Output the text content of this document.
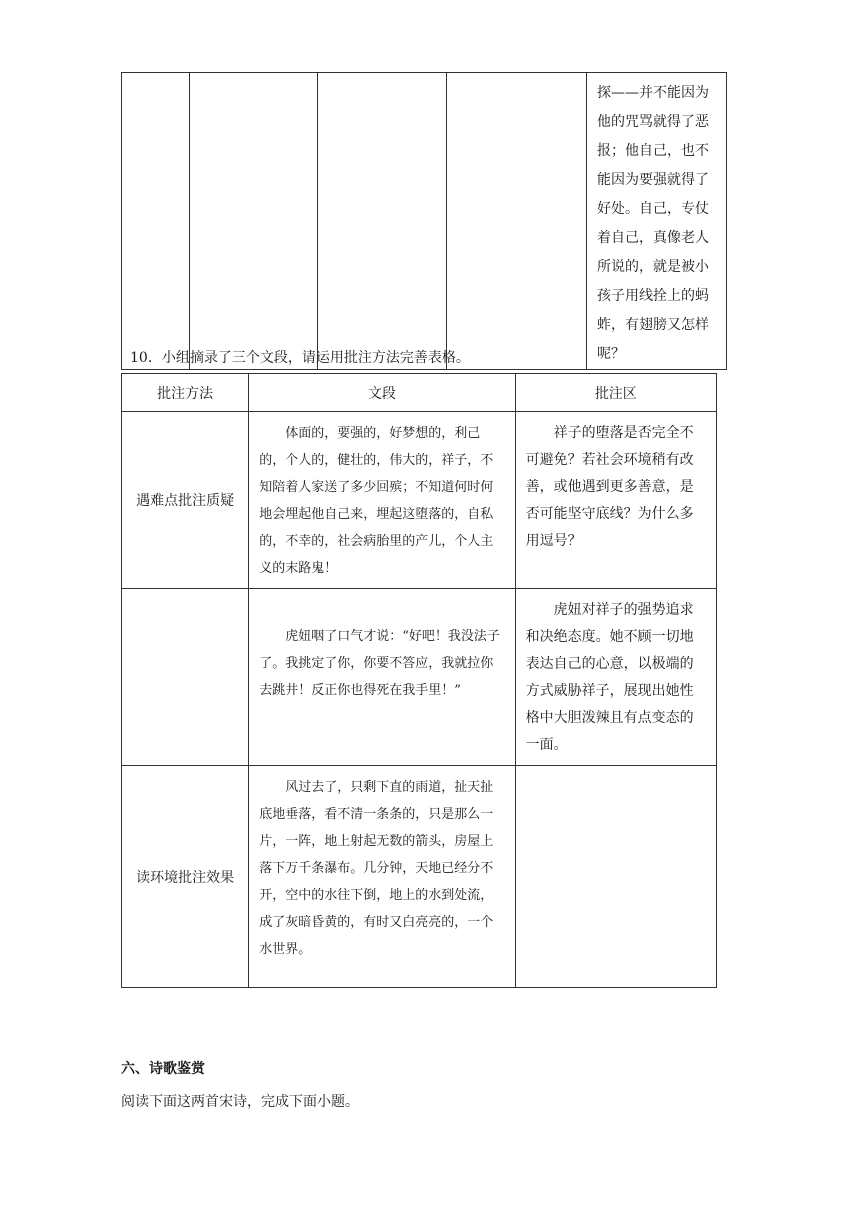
探——并不能因为他的咒骂就得了恶报；他自己，也不能因为要强就得了好处。自己，专仗着自己，真像老人所说的，就是被小孩子用线拴上的蚂蚱，有翅膀又怎样呢？
10．小组摘录了三个文段，请运用批注方法完善表格。
批注方法	文段	批注区
遇难点批注质疑	体面的，要强的，好梦想的，利己的，个人的，健壮的，伟大的，祥子，不知陪着人家送了多少回殡；不知道何时何地会埋起他自己来，埋起这堕落的，自私的，不幸的，社会病胎里的产儿，个人主义的末路鬼！	祥子的堕落是否完全不可避免？若社会环境稍有改善，或他遇到更多善意，是否可能坚守底线？为什么多用逗号？

	虎妞咽了口气才说：“好吧！我没法子了。我挑定了你，你要不答应，我就拉你去跳井！反正你也得死在我手里！”	虎妞对祥子的强势追求和决绝态度。她不顾一切地表达自己的心意，以极端的方式威胁祥子，展现出她性格中大胆泼辣且有点变态的一面。

读环境批注效果	风过去了，只剩下直的雨道，扯天扯底地垂落，看不清一条条的，只是那么一片，一阵，地上射起无数的箭头，房屋上落下万千条瀑布。几分钟，天地已经分不开，空中的水往下倒，地上的水到处流，成了灰暗昏黄的，有时又白亮亮的，一个水世界。	

六、诗歌鉴赏
阅读下面这两首宋诗，完成下面小题。
